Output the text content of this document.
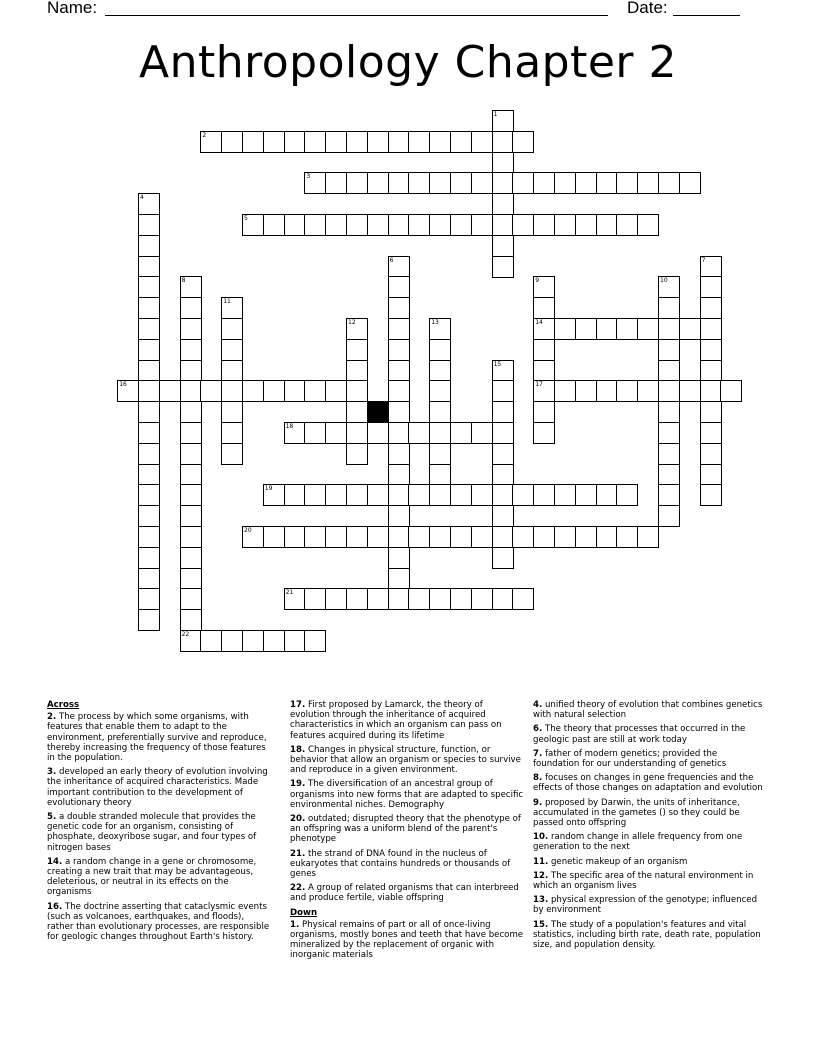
Name:	Date:
Anthropology Chapter 2
1
2
3
4
5
6	7
8
22
9
14
17
10
11
12	13
15
16
18
19
20
21
Across
2. The process by which some organisms, with features that enable them to adapt to the environment, preferentially survive and reproduce, thereby increasing the frequency of those features in the population.
3. developed an early theory of evolution involving the inheritance of acquired characteristics. Made important contribution to the development of evolutionary theory
5. a double stranded molecule that provides the genetic code for an organism, consisting of phosphate, deoxyribose sugar, and four types of nitrogen bases
14. a random change in a gene or chromosome, creating a new trait that may be advantageous, deleterious, or neutral in its effects on the organisms
16. The doctrine asserting that cataclysmic events (such as volcanoes, earthquakes, and floods), rather than evolutionary processes, are responsible for geologic changes throughout Earth's history.
17. First proposed by Lamarck, the theory of evolution through the inheritance of acquired characteristics in which an organism can pass on features acquired during its lifetime
18. Changes in physical structure, function, or behavior that allow an organism or species to survive and reproduce in a given environment.
19. The diversification of an ancestral group of organisms into new forms that are adapted to specific environmental niches. Demography
20. outdated; disrupted theory that the phenotype of an offspring was a uniform blend of the parent's phenotype
21. the strand of DNA found in the nucleus of eukaryotes that contains hundreds or thousands of genes
22. A group of related organisms that can interbreed and produce fertile, viable offspring
Down
1. Physical remains of part or all of once-living organisms, mostly bones and teeth that have become mineralized by the replacement of organic with inorganic materials
4. unified theory of evolution that combines genetics with natural selection
6. The theory that processes that occurred in the geologic past are still at work today
7. father of modern genetics; provided the foundation for our understanding of genetics
8. focuses on changes in gene frequencies and the effects of those changes on adaptation and evolution
9. proposed by Darwin, the units of inheritance, accumulated in the gametes () so they could be passed onto offspring
10. random change in allele frequency from one generation to the next
11. genetic makeup of an organism
12. The specific area of the natural environment in which an organism lives
13. physical expression of the genotype; influenced by environment
15. The study of a population's features and vital statistics, including birth rate, death rate, population size, and population density.
